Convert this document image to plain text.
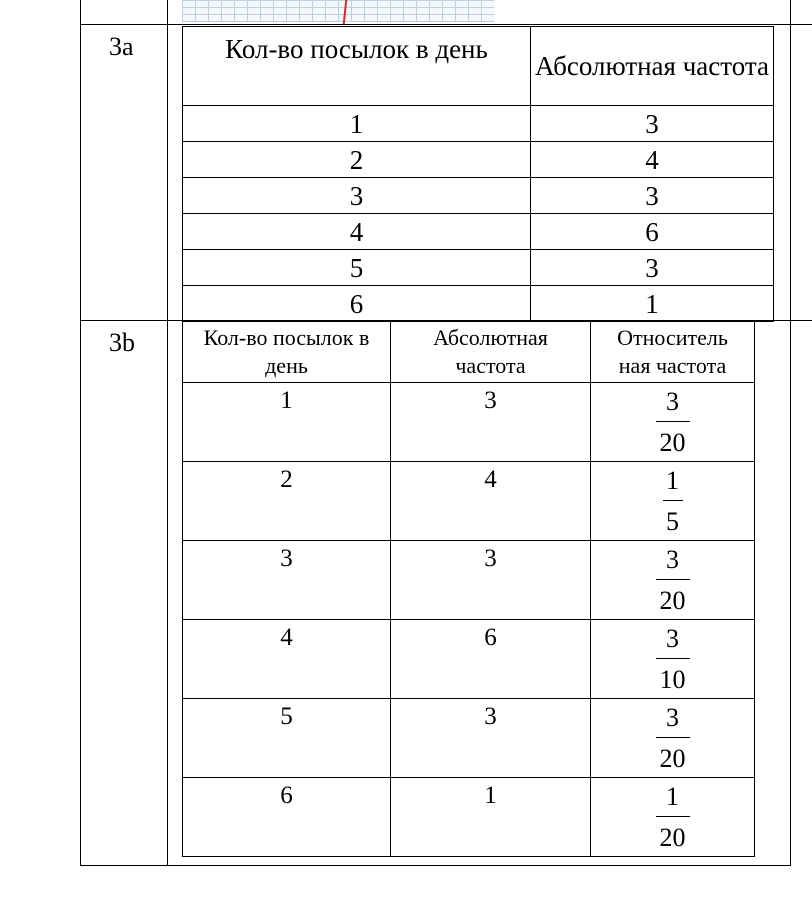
3a
3b
Кол-во посылок в день	Абсолютная частота
1	3
2	4
3	3
4	6
5	3
6	1
Кол-во посылок в день	Абсолютная частота	Относитель ная частота
1	3	$\frac{3}{20}$

2	4	$\frac{1}{5}$

3	3	$\frac{3}{20}$

4	6	$\frac{3}{10}$

5	3	$\frac{3}{20}$

6	1	$\frac{1}{20}$
